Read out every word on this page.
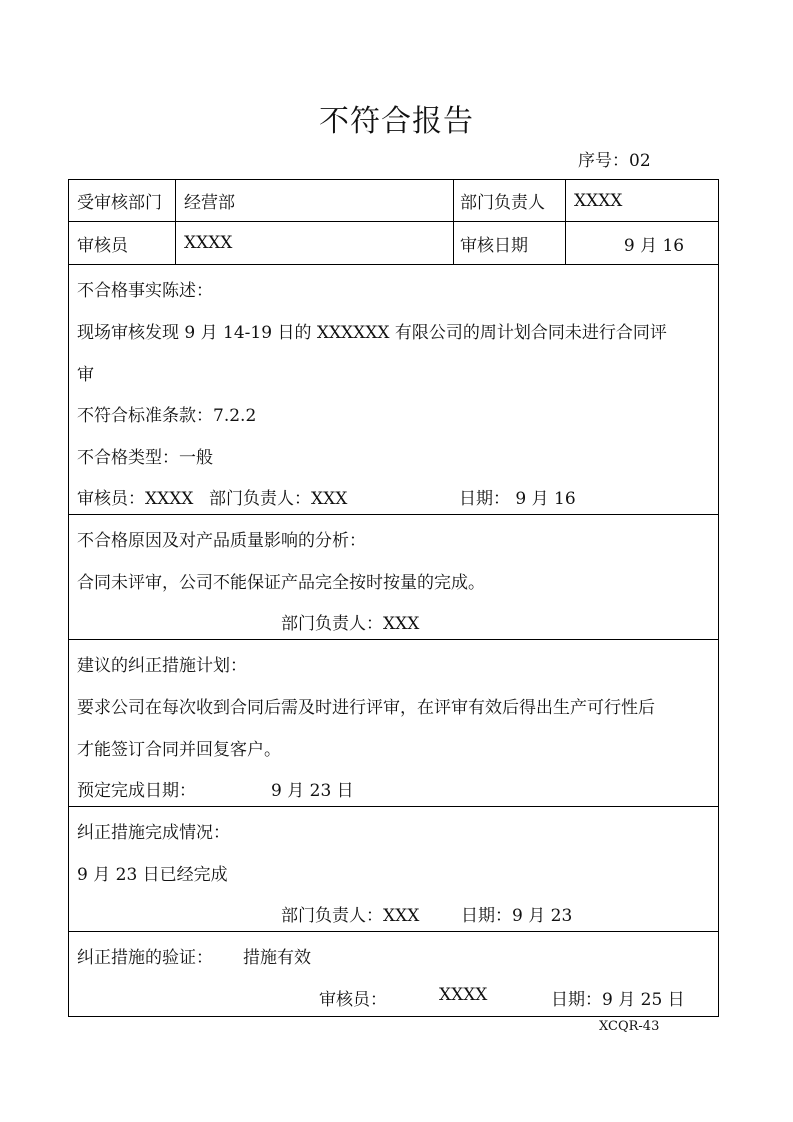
不符合报告
序号：02
受审核部门	经营部	部门负责人	XXXX
审核员	XXXX	审核日期	9 月 16
不合格事实陈述：
现场审核发现 9 月 14-19 日的 XXXXXX 有限公司的周计划合同未进行合同评
审
不符合标准条款：7.2.2
不合格类型：一般
审核员：XXXX 部门负责人：XXX	日期： 9 月 16
不合格原因及对产品质量影响的分析：
合同未评审，公司不能保证产品完全按时按量的完成。
部门负责人：XXX
建议的纠正措施计划：
要求公司在每次收到合同后需及时进行评审，在评审有效后得出生产可行性后
才能签订合同并回复客户。
预定完成日期：	9 月 23 日
纠正措施完成情况：
9 月 23 日已经完成
部门负责人：XXX 日期：9 月 23
纠正措施的验证： 措施有效
审核员：	XXXX	日期：9 月 25 日
XCQR-43
